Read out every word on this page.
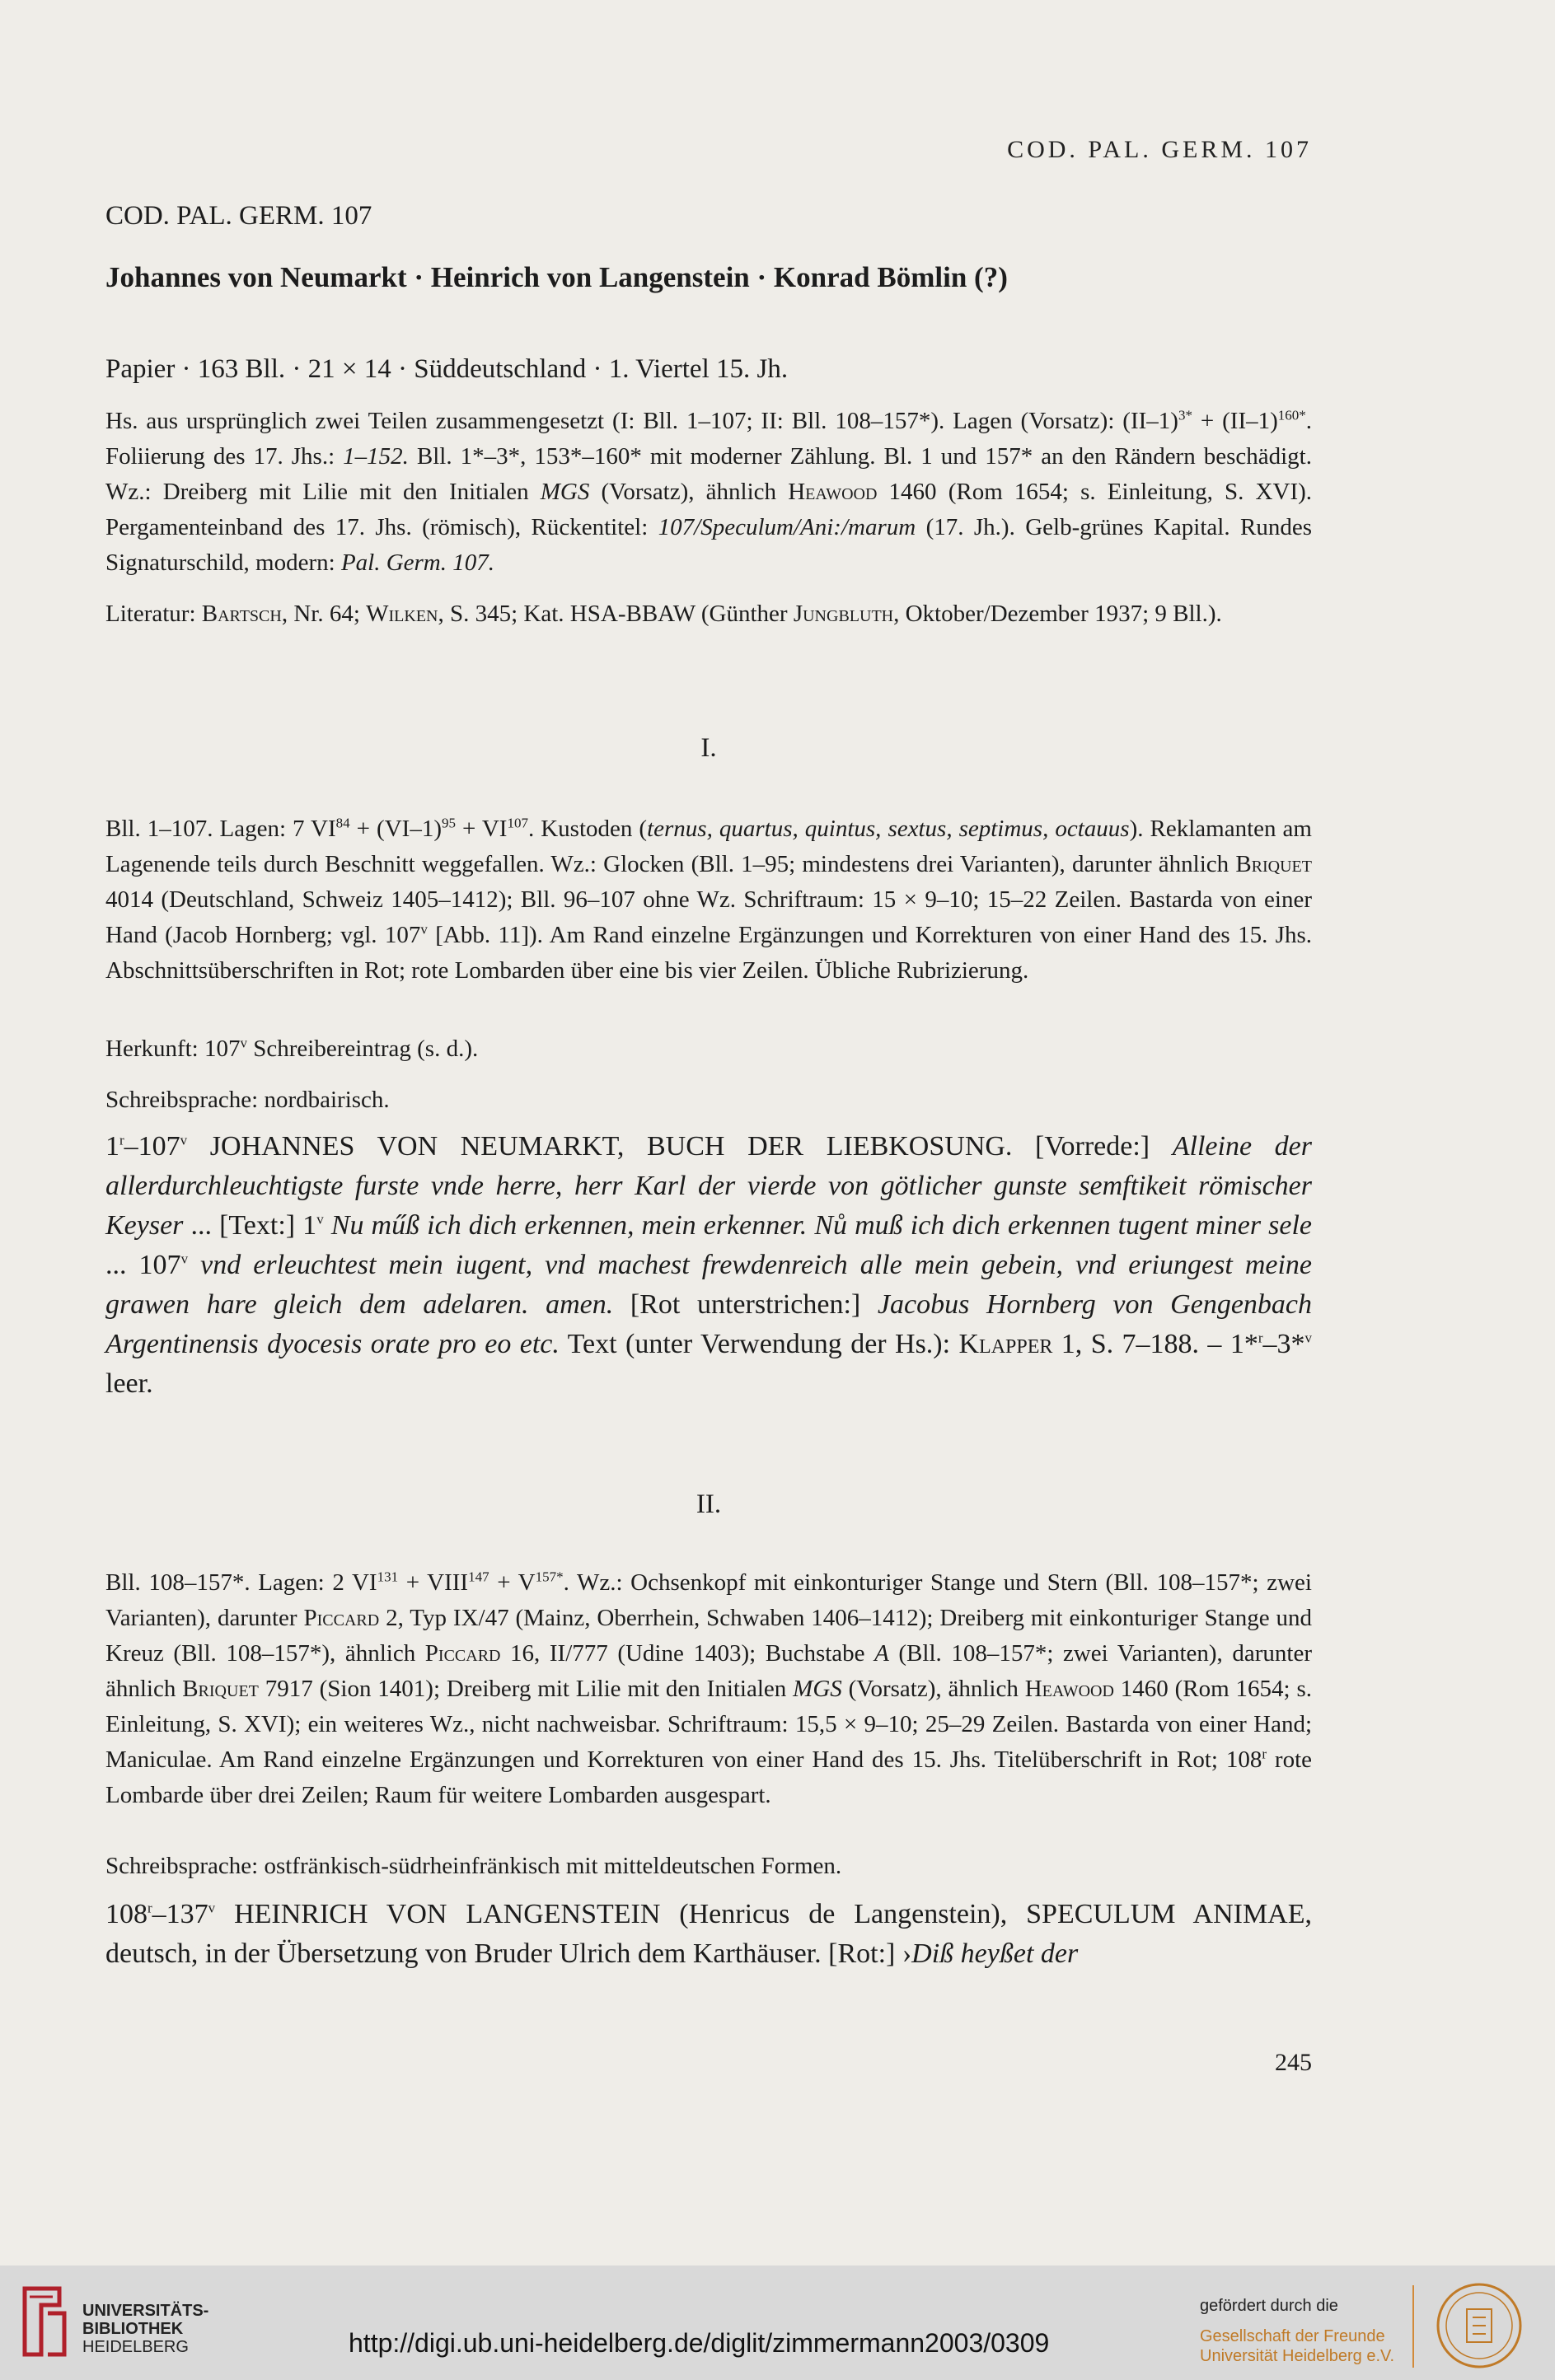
COD. PAL. GERM. 107
COD. PAL. GERM. 107
Johannes von Neumarkt · Heinrich von Langenstein · Konrad Bömlin (?)
Papier · 163 Bll. · 21 × 14 · Süddeutschland · 1. Viertel 15. Jh.

Hs. aus ursprünglich zwei Teilen zusammengesetzt (I: Bll. 1–107; II: Bll. 108–157*). Lagen (Vorsatz): $(II-1)^{3*} + (II-1)^{160*}$. Foliierung des 17. Jhs.: 1–152. Bll. 1*–3*, 153*–160* mit moderner Zählung. Bl. 1 und 157* an den Rändern beschädigt. Wz.: Dreiberg mit Lilie mit den Initialen MGS (Vorsatz), ähnlich Heawood 1460 (Rom 1654; s. Einleitung, S. XVI). Pergamenteinband des 17. Jhs. (römisch), Rückentitel: 107/Speculum/Ani:/marum (17. Jh.). Gelb-grünes Kapital. Rundes Signaturschild, modern: Pal. Germ. 107.

Literatur: Bartsch, Nr. 64; Wilken, S. 345; Kat. HSA-BBAW (Günther Jungbluth, Oktober/Dezember 1937; 9 Bll.).

I.

Bll. 1–107. Lagen: 7 $VI^{84} + (VI-1)^{95} + VI^{107}$. Kustoden (ternus, quartus, quintus, sextus, septimus, octauus). Reklamanten am Lagenende teils durch Beschnitt weggefallen. Wz.: Glocken (Bll. 1–95; mindestens drei Varianten), darunter ähnlich Briquet 4014 (Deutschland, Schweiz 1405–1412); Bll. 96–107 ohne Wz. Schriftraum: 15 × 9–10; 15–22 Zeilen. Bastarda von einer Hand (Jacob Hornberg; vgl. 107$^v$ [Abb. 11]). Am Rand einzelne Ergänzungen und Korrekturen von einer Hand des 15. Jhs. Abschnittsüberschriften in Rot; rote Lombarden über eine bis vier Zeilen. Übliche Rubrizierung.

Herkunft: 107$^v$ Schreibereintrag (s. d.).

Schreibsprache: nordbairisch.

1$^r$–107$^v$ JOHANNES VON NEUMARKT, BUCH DER LIEBKOSUNG. [Vorrede:] Alleine der allerdurchleuchtigste furste vnde herre, herr Karl der vierde von götlicher gunste semftikeit römischer Keyser ... [Text:] 1$^v$ Nu műß ich dich erkennen, mein erkenner. Nů muß ich dich erkennen tugent miner sele ... 107$^v$ vnd erleuchtest mein iugent, vnd machest frewdenreich alle mein gebein, vnd eriungest meine grawen hare gleich dem adelaren. amen. [Rot unterstrichen:] Jacobus Hornberg von Gengenbach Argentinensis dyocesis orate pro eo etc. Text (unter Verwendung der Hs.): Klapper 1, S. 7–188. – 1*$^r$–3*$^v$ leer.

II.

Bll. 108–157*. Lagen: 2 $VI^{131}$ + $VIII^{147} + V^{157*}$. Wz.: Ochsenkopf mit einkonturiger Stange und Stern (Bll. 108–157*; zwei Varianten), darunter Piccard 2, Typ IX/47 (Mainz, Oberrhein, Schwaben 1406–1412); Dreiberg mit einkonturiger Stange und Kreuz (Bll. 108–157*), ähnlich Piccard 16, II/777 (Udine 1403); Buchstabe A (Bll. 108–157*; zwei Varianten), darunter ähnlich Briquet 7917 (Sion 1401); Dreiberg mit Lilie mit den Initialen MGS (Vorsatz), ähnlich Heawood 1460 (Rom 1654; s. Einleitung, S. XVI); ein weiteres Wz., nicht nachweisbar. Schriftraum: 15,5 × 9–10; 25–29 Zeilen. Bastarda von einer Hand; Maniculae. Am Rand einzelne Ergänzungen und Korrekturen von einer Hand des 15. Jhs. Titelüberschrift in Rot; 108$^r$ rote Lombarde über drei Zeilen; Raum für weitere Lombarden ausgespart.

Schreibsprache: ostfränkisch-südrheinfränkisch mit mitteldeutschen Formen.

108$^r$–137$^v$ HEINRICH VON LANGENSTEIN (Henricus de Langenstein), SPECULUM ANIMAE, deutsch, in der Übersetzung von Bruder Ulrich dem Karthäuser. [Rot:] ›Diß heyßet der

245
UNIVERSITÄTS-
BIBLIOTHEK
HEIDELBERG	http://digi.ub.uni-heidelberg.de/diglit/zimmermann2003/0309
gefördert durch die
Gesellschaft der Freunde
Universität Heidelberg e.V.
